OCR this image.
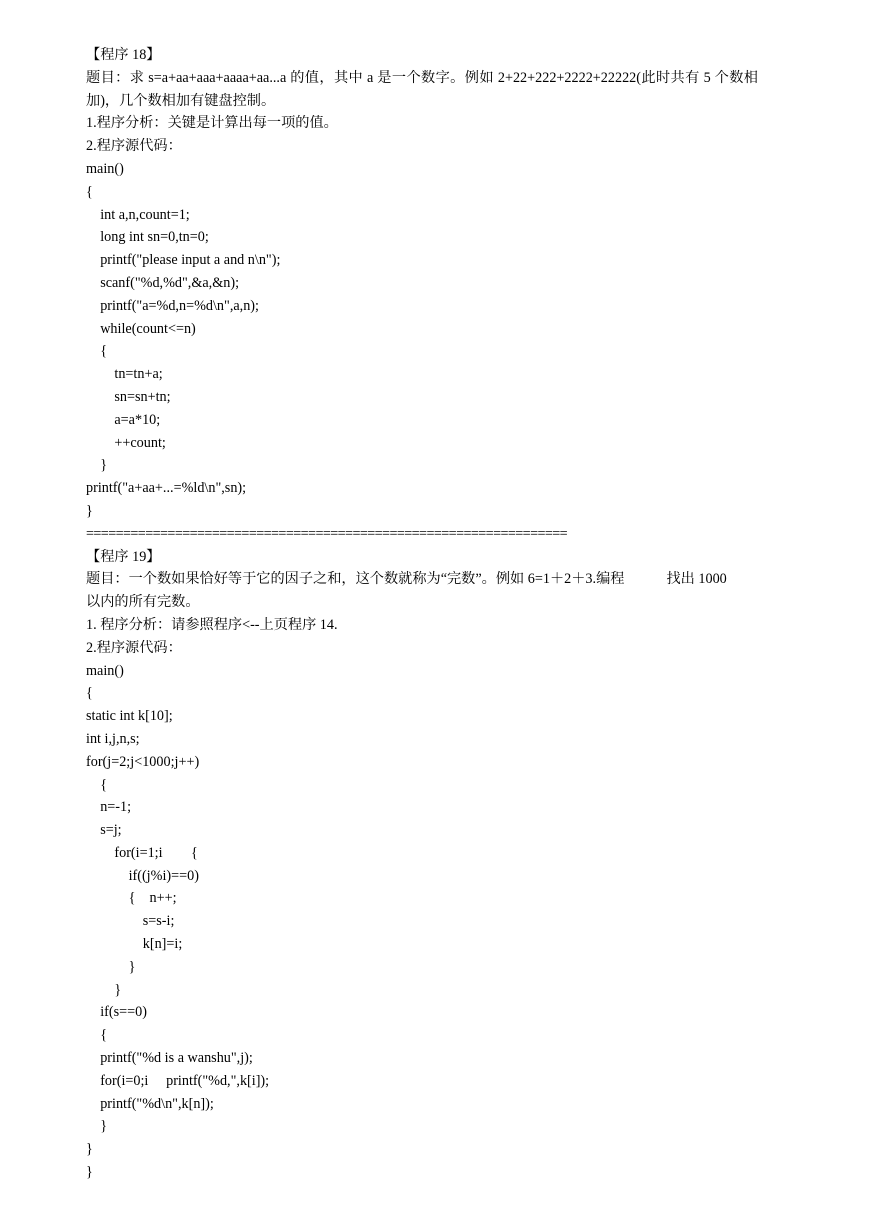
【程序 18】
题目：求 s=a+aa+aaa+aaaa+aa...a 的值，其中 a 是一个数字。例如 2+22+222+2222+22222(此时共有 5 个数相加)，几个数相加有键盘控制。
1.程序分析：关键是计算出每一项的值。
2.程序源代码：
main()
{
int a,n,count=1;
long int sn=0,tn=0;
printf("please input a and n\n");
scanf("%d,%d",&a,&n);
printf("a=%d,n=%d\n",a,n);
while(count<=n)
{
tn=tn+a;
sn=sn+tn;
a=a*10;
++count;
}
printf("a+aa+...=%ld\n",sn);
}
=================================================================
【程序 19】
题目：一个数如果恰好等于它的因子之和，这个数就称为“完数”。例如 6=1＋2＋3.编程	找出 1000
以内的所有完数。
1. 程序分析：请参照程序<--上页程序 14.
2.程序源代码：
main()
{
static int k[10];
int i,j,n,s;
for(j=2;j<1000;j++)
{
n=-1;
s=j;
for(i=1;i        {
if((j%i)==0)
{    n++;
s=s-i;
k[n]=i;
}
}
if(s==0)
{
printf("%d is a wanshu",j);
for(i=0;i     printf("%d,",k[i]);
printf("%d\n",k[n]);
}
}
}
